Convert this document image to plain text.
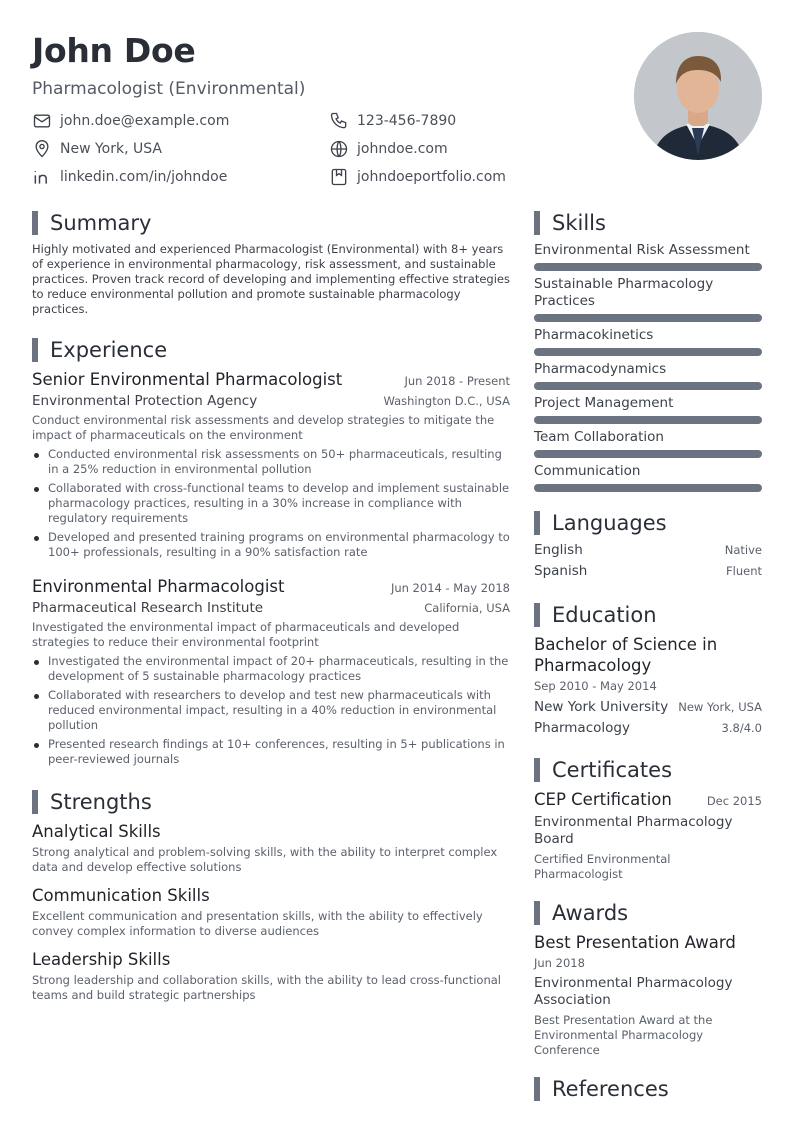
John Doe
Pharmacologist (Environmental)
john.doe@example.com	123-456-7890
New York, USA	johndoe.com
linkedin.com/in/johndoe	johndoeportfolio.com
Summary

Highly motivated and experienced Pharmacologist (Environmental) with 8+ years of experience in environmental pharmacology, risk assessment, and sustainable practices. Proven track record of developing and implementing effective strategies to reduce environmental pollution and promote sustainable pharmacology practices.

Experience
Senior Environmental Pharmacologist	Jun 2018 - Present
Environmental Protection Agency	Washington D.C., USA
Conduct environmental risk assessments and develop strategies to mitigate the impact of pharmaceuticals on the environment
Conducted environmental risk assessments on 50+ pharmaceuticals, resulting in a 25% reduction in environmental pollution
Collaborated with cross-functional teams to develop and implement sustainable pharmacology practices, resulting in a 30% increase in compliance with regulatory requirements
Developed and presented training programs on environmental pharmacology to 100+ professionals, resulting in a 90% satisfaction rate
Environmental Pharmacologist	Jun 2014 - May 2018
Pharmaceutical Research Institute	California, USA
Investigated the environmental impact of pharmaceuticals and developed strategies to reduce their environmental footprint
Investigated the environmental impact of 20+ pharmaceuticals, resulting in the development of 5 sustainable pharmacology practices
Collaborated with researchers to develop and test new pharmaceuticals with reduced environmental impact, resulting in a 40% reduction in environmental pollution
Presented research findings at 10+ conferences, resulting in 5+ publications in peer-reviewed journals
Strengths
Analytical Skills
Strong analytical and problem-solving skills, with the ability to interpret complex data and develop effective solutions
Communication Skills
Excellent communication and presentation skills, with the ability to effectively convey complex information to diverse audiences
Leadership Skills
Strong leadership and collaboration skills, with the ability to lead cross-functional teams and build strategic partnerships
Skills
Environmental Risk Assessment
Sustainable Pharmacology Practices
Pharmacokinetics
Pharmacodynamics
Project Management
Team Collaboration
Communication
Languages
English	Native
Spanish	Fluent
Education
Bachelor of Science in Pharmacology
Sep 2010 - May 2014
New York University New York, USA
Pharmacology	3.8/4.0
Certificates
CEP Certification	Dec 2015
Environmental Pharmacology Board
Certified Environmental Pharmacologist
Awards
Best Presentation Award
Jun 2018
Environmental Pharmacology Association
Best Presentation Award at the Environmental Pharmacology Conference
References
